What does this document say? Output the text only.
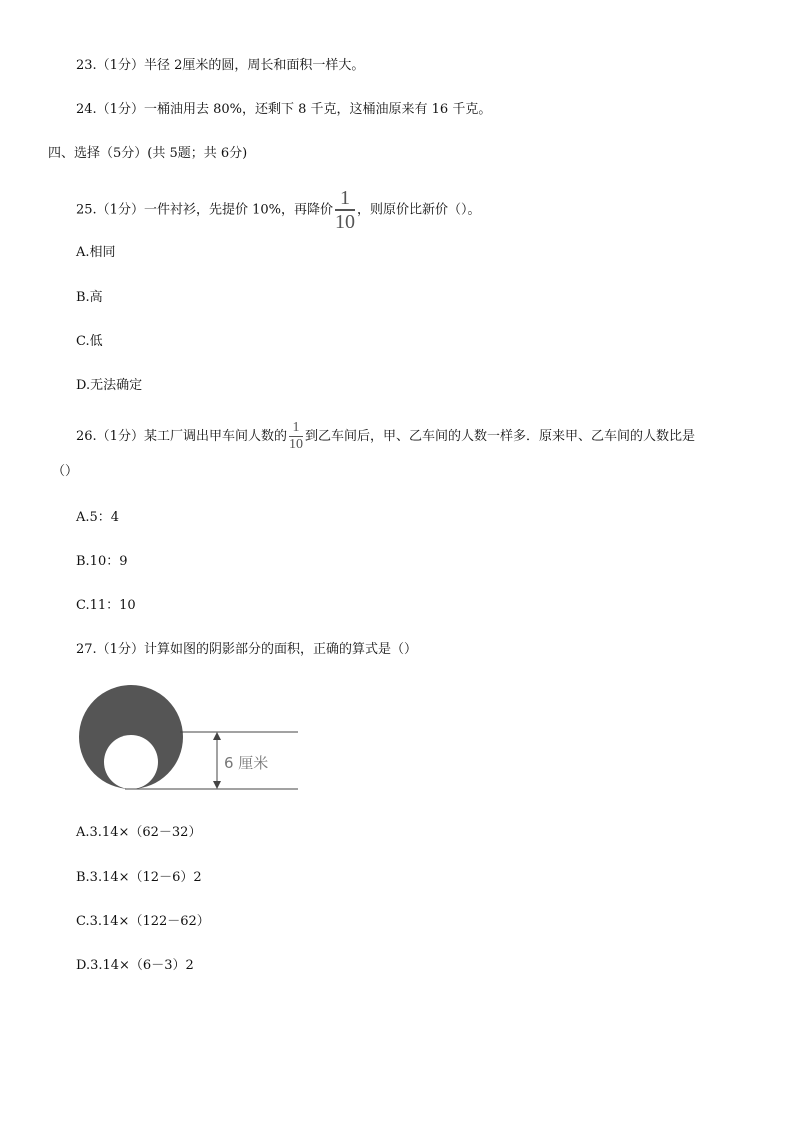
23.（1分）半径 2厘米的圆，周长和面积一样大。
24.（1分）一桶油用去 80%，还剩下 8 千克，这桶油原来有 16 千克。
四、选择（5分）(共 5题；共 6分)
25.（1分）一件衬衫，先提价 10%，再降价 $\frac{1}{10}$ ，则原价比新价（）。
A.相同
B.高
C.低
D.无法确定
26.（1分）某工厂调出甲车间人数的 $\frac{1}{10}$ 到乙车间后，甲、乙车间的人数一样多．原来甲、乙车间的人数比是
（）
A.5：4
B.10：9
C.11：10
27.（1分）计算如图的阴影部分的面积，正确的算式是（）
6 厘米
A.3.14×（62－32）
B.3.14×（12－6）2
C.3.14×（122－62）
D.3.14×（6－3）2
